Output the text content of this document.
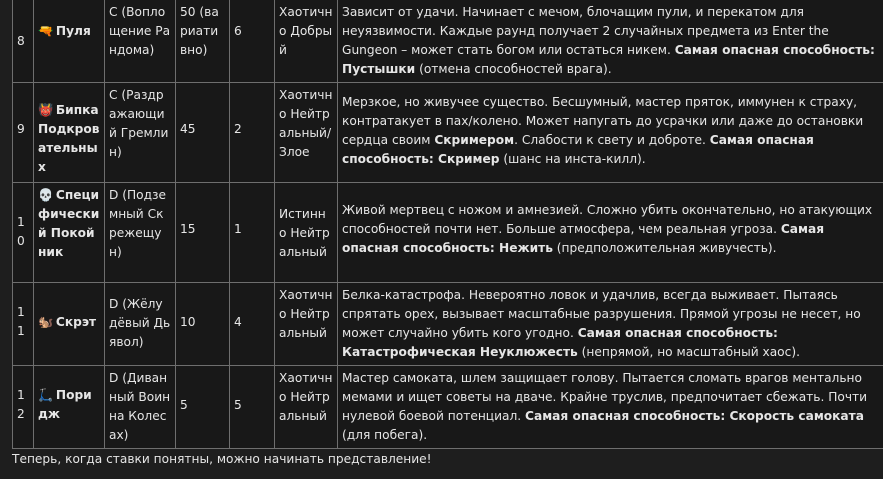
8	🔫 Пуля	C (Воплощение Рандома)	50 (вариативно)	6	Хаотично Добрый	Зависит от удачи. Начинает с мечом, блочащим пули, и перекатом для неуязвимости. Каждые раунд получает 2 случайных предмета из Enter the Gungeon – может стать богом или остаться никем. Самая опасная способность: Пустышки (отмена способностей врага).
9	👹 Бипка Подкровательных	C (Раздражающий Гремлин)	45	2	Хаотично Нейтральный/ Злое	Мерзкое, но живучее существо. Бесшумный, мастер пряток, иммунен к страху, контратакует в пах/колено. Может напугать до усрачки или даже до остановки сердца своим Скримером. Слабости к свету и доброте. Самая опасная способность: Скример (шанс на инста-килл).
10	💀 Специфический Покойник	D (Подземный Скрежещун)	15	1	Истинно Нейтральный	Живой мертвец с ножом и амнезией. Сложно убить окончательно, но атакующих способностей почти нет. Больше атмосфера, чем реальная угроза. Самая опасная способность: Нежить (предположительная живучесть).
11	🐿️ Скрэт	D (Жёлудёвый Дьявол)	10	4	Хаотично Нейтральный	Белка-катастрофа. Невероятно ловок и удачлив, всегда выживает. Пытаясь спрятать орех, вызывает масштабные разрушения. Прямой угрозы не несет, но может случайно убить кого угодно. Самая опасная способность: Катастрофическая Неуклюжесть (непрямой, но масштабный хаос).
12	🛴 Поридж	D (Диванный Воин на Колесах)	5	5	Хаотично Нейтральный	Мастер самоката, шлем защищает голову. Пытается сломать врагов ментально мемами и ищет советы на дваче. Крайне труслив, предпочитает сбежать. Почти нулевой боевой потенциал. Самая опасная способность: Скорость самоката (для побега).
Теперь, когда ставки понятны, можно начинать представление!
